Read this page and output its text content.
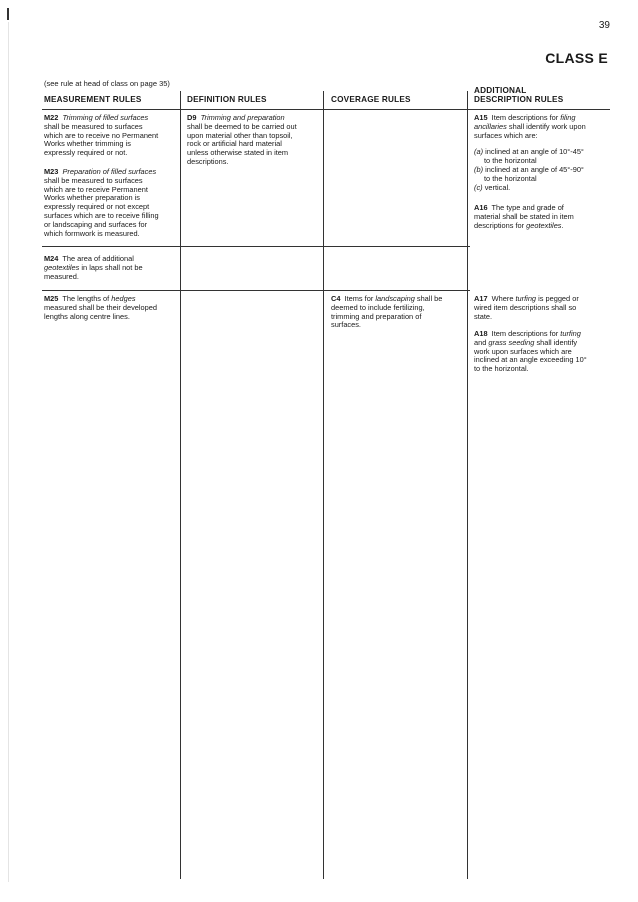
39
CLASS E
(see rule at head of class on page 35)
MEASUREMENT RULES	DEFINITION RULES	COVERAGE RULES
ADDITIONAL
DESCRIPTION RULES

M22 Trimming of filled surfaces

shall be measured to surfaces

which are to receive no Permanent

Works whether trimming is

expressly required or not.

M23 Preparation of filled surfaces

shall be measured to surfaces

which are to receive Permanent

Works whether preparation is

expressly required or not except

surfaces which are to receive filling

or landscaping and surfaces for

which formwork is measured.

M24 The area of additional

geotextiles in laps shall not be

measured.

M25 The lengths of hedges

measured shall be their developed

lengths along centre lines.

D9 Trimming and preparation

shall be deemed to be carried out

upon material other than topsoil,

rock or artificial hard material

unless otherwise stated in item

descriptions.

C4 Items for landscaping shall be

deemed to include fertilizing,

trimming and preparation of

surfaces.

A15 Item descriptions for filing

ancillaries shall identify work upon

surfaces which are:

(a) inclined at an angle of 10°-45°

to the horizontal

(b) inclined at an angle of 45°-90°

to the horizontal

(c) vertical.

A16 The type and grade of

material shall be stated in item

descriptions for geotextiles.

A17 Where turfing is pegged or

wired item descriptions shall so

state.

A18 Item descriptions for turfing

and grass seeding shall identify

work upon surfaces which are

inclined at an angle exceeding 10°

to the horizontal.
